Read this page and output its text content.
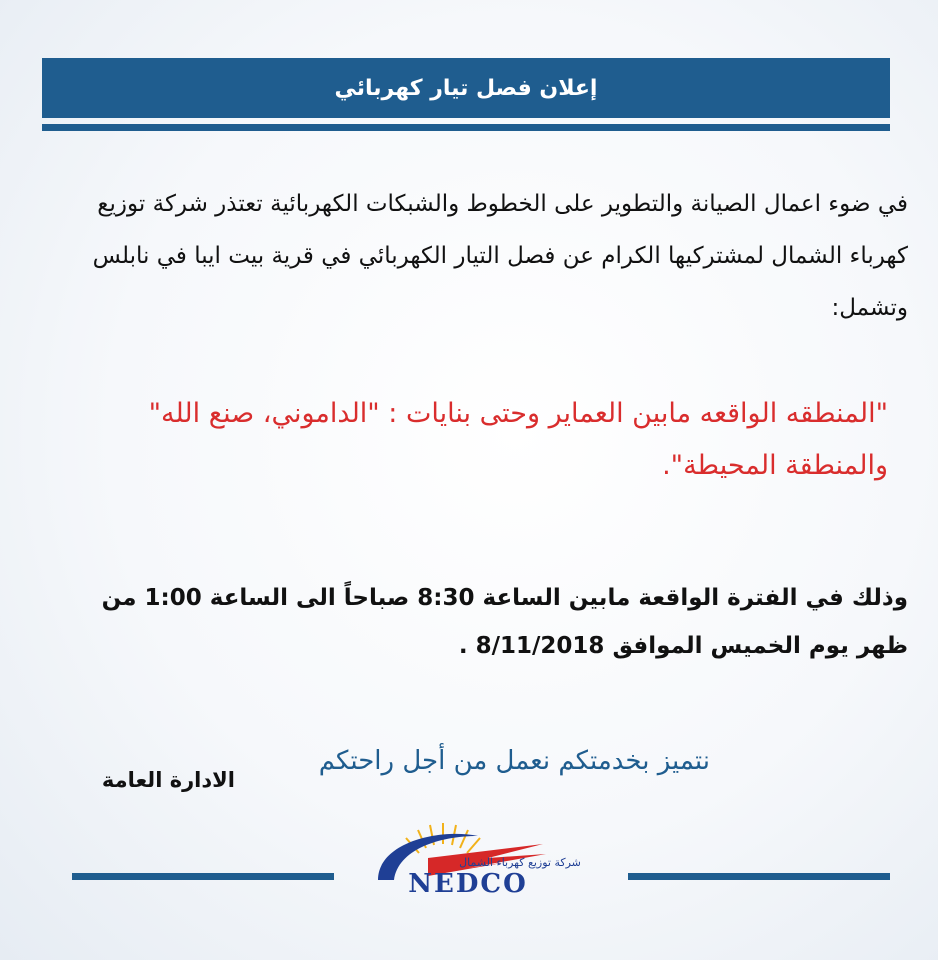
إعلان فصل تيار كهربائي
في ضوء اعمال الصيانة والتطوير على الخطوط والشبكات الكهربائية تعتذر شركة توزيع كهرباء الشمال لمشتركيها الكرام عن فصل التيار الكهربائي في قرية بيت ايبا في نابلس وتشمل:
"المنطقه الواقعه مابين العماير وحتى بنايات : "الداموني، صنع الله" والمنطقة المحيطة".
وذلك في الفترة الواقعة مابين الساعة 8:30 صباحاً الى الساعة 1:00 من ظهر يوم الخميس الموافق 8/11/2018 .
نتميز بخدمتكم نعمل من أجل راحتكم
الادارة العامة
شركة توزيع كهرباء الشمال
NEDCO
